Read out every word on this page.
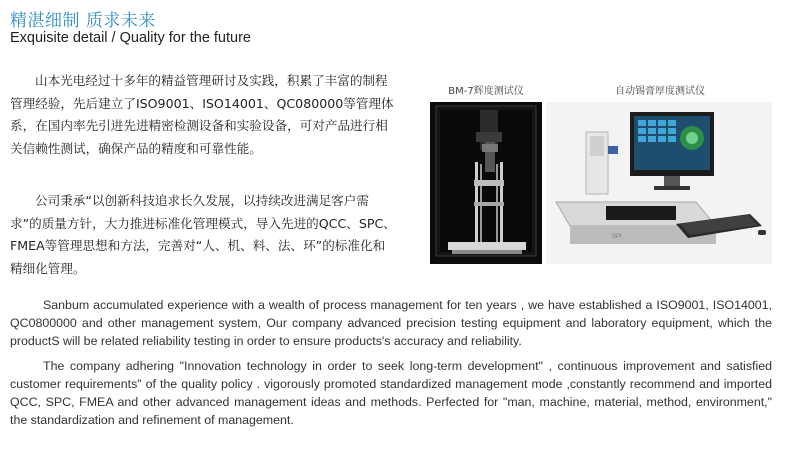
精湛细制 质求未来
Exquisite detail / Quality for the future

山本光电经过十多年的精益管理研讨及实践，积累了丰富的制程管理经验，先后建立了ISO9001、ISO14001、QC080000等管理体系，在国内率先引进先进精密检测设备和实验设备，可对产品进行相关信赖性测试，确保产品的精度和可靠性能。

公司秉承“以创新科技追求长久发展，以持续改进满足客户需求”的质量方针，大力推进标准化管理模式，导入先进的QCC、SPC、FMEA等管理思想和方法，完善对“人、机、料、法、环”的标准化和精细化管理。

BM-7辉度测试仪	自动锡膏厚度测试仪
SPI

Sanbum accumulated experience with a wealth of process management for ten years , we have established a ISO9001, ISO14001, QC0800000 and other management system, Our company advanced precision testing equipment and laboratory equipment, which the productS will be related reliability testing in order to ensure products's accuracy and reliability.

The company adhering "Innovation technology in order to seek long-term development" , continuous improvement and satisfied customer requirements" of the quality policy . vigorously promoted standardized management mode ,constantly recommend and imported QCC, SPC, FMEA and other advanced management ideas and methods. Perfected for "man, machine, material, method, environment," the standardization and refinement of management.
